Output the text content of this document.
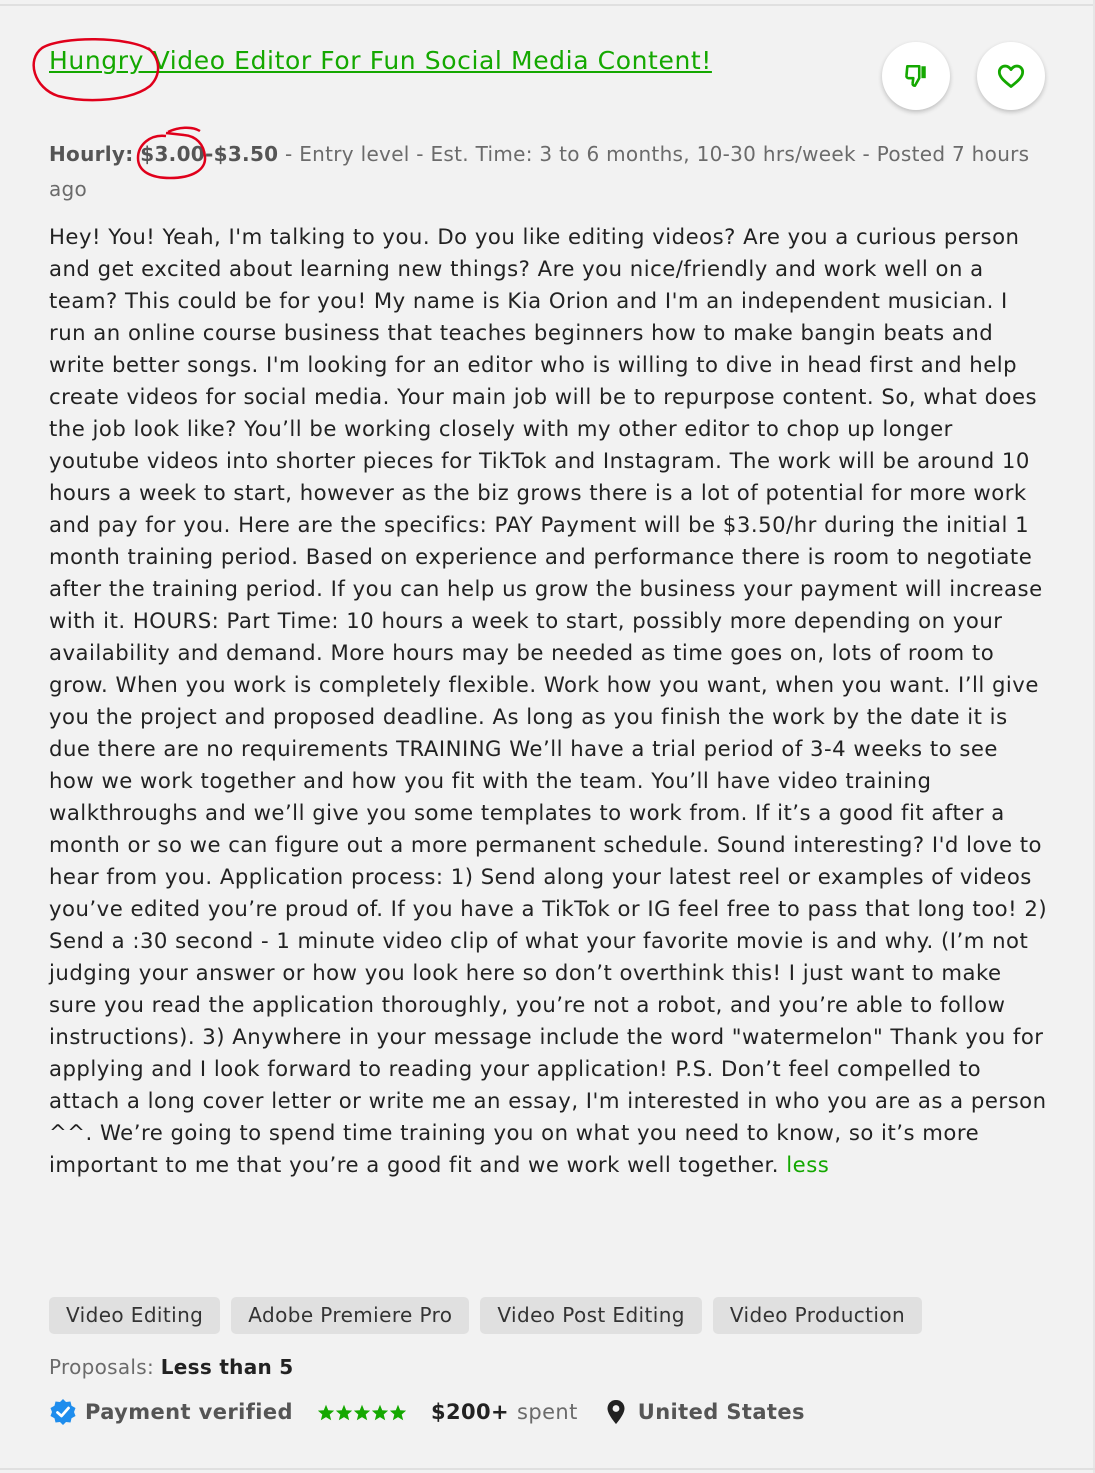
Hungry Video Editor For Fun Social Media Content!
Hourly: $3.00-$3.50 - Entry level - Est. Time: 3 to 6 months, 10-30 hrs/week - Posted 7 hours ago
Hey! You! Yeah, I'm talking to you. Do you like editing videos? Are you a curious person and get excited about learning new things? Are you nice/friendly and work well on a team? This could be for you! My name is Kia Orion and I'm an independent musician. I run an online course business that teaches beginners how to make bangin beats and write better songs. I'm looking for an editor who is willing to dive in head first and help create videos for social media. Your main job will be to repurpose content. So, what does the job look like? You’ll be working closely with my other editor to chop up longer youtube videos into shorter pieces for TikTok and Instagram. The work will be around 10 hours a week to start, however as the biz grows there is a lot of potential for more work and pay for you. Here are the specifics: PAY Payment will be $3.50/hr during the initial 1 month training period. Based on experience and performance there is room to negotiate after the training period. If you can help us grow the business your payment will increase with it. HOURS: Part Time: 10 hours a week to start, possibly more depending on your availability and demand. More hours may be needed as time goes on, lots of room to grow. When you work is completely flexible. Work how you want, when you want. I’ll give you the project and proposed deadline. As long as you finish the work by the date it is due there are no requirements TRAINING We’ll have a trial period of 3-4 weeks to see how we work together and how you fit with the team. You’ll have video training walkthroughs and we’ll give you some templates to work from. If it’s a good fit after a month or so we can figure out a more permanent schedule. Sound interesting? I'd love to hear from you. Application process: 1) Send along your latest reel or examples of videos you’ve edited you’re proud of. If you have a TikTok or IG feel free to pass that long too! 2) Send a :30 second - 1 minute video clip of what your favorite movie is and why. (I’m not judging your answer or how you look here so don’t overthink this! I just want to make sure you read the application thoroughly, you’re not a robot, and you’re able to follow instructions). 3) Anywhere in your message include the word "watermelon" Thank you for applying and I look forward to reading your application! P.S. Don’t feel compelled to attach a long cover letter or write me an essay, I'm interested in who you are as a person ^^. We’re going to spend time training you on what you need to know, so it’s more important to me that you’re a good fit and we work well together. less
Video Editing	Adobe Premiere Pro	Video Post Editing	Video Production
Proposals: Less than 5
Payment verified	$200+ spent	United States
